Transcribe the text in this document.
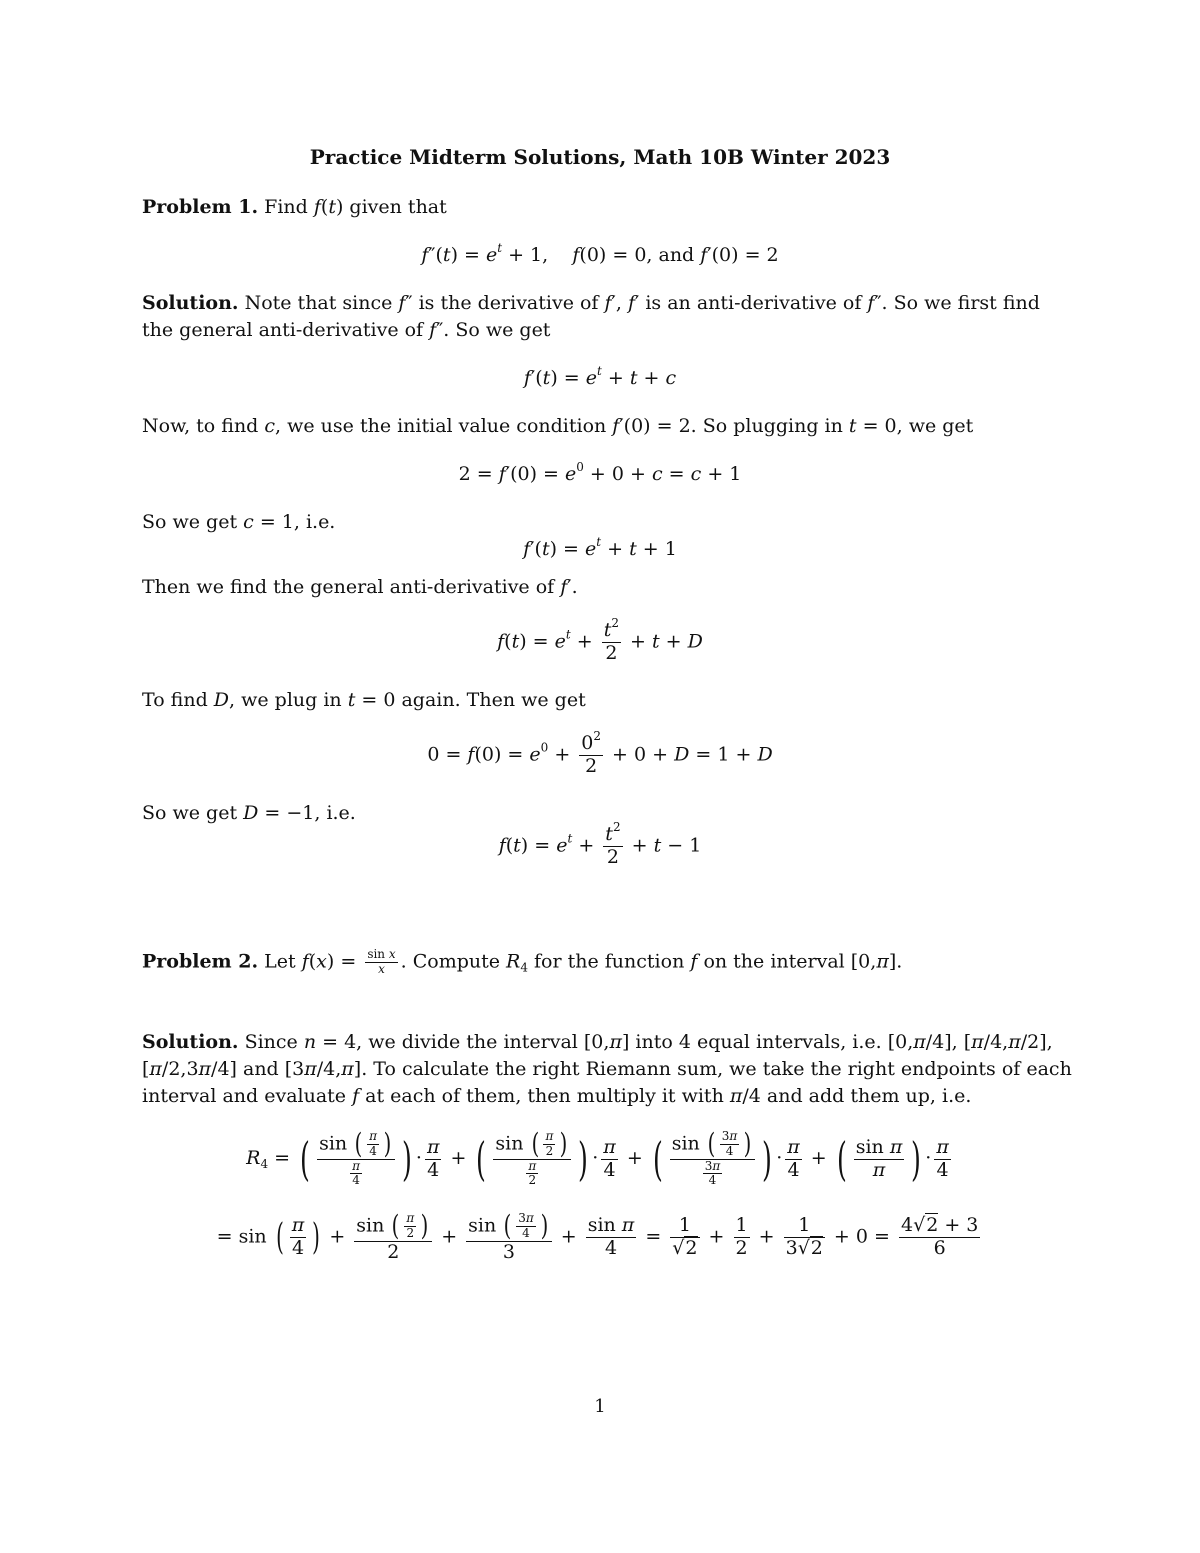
Practice Midterm Solutions, Math 10B Winter 2023
Problem 1. Find f(t) given that
$f''(t) = e^t + 1$,    f(0) = 0, and f′(0) = 2
Solution. Note that since f″ is the derivative of f′, f′ is an anti-derivative of f″. So we first find
the general anti-derivative of f″. So we get
$f'(t) = e^t + t + c$
Now, to find c, we use the initial value condition f′(0) = 2. So plugging in t = 0, we get
$2 = f'(0) = e^0 + 0 + c = c + 1$
So we get c = 1, i.e.
$f'(t) = e^t + t + 1$
Then we find the general anti-derivative of f′.
$f(t) = e^t + \frac{t^2}{2} + t + D$
To find D, we plug in t = 0 again. Then we get
$0 = f(0) = e^0 + \frac{0^2}{2} + 0 + D = 1 + D$
So we get D = −1, i.e.
$f(t) = e^t + \frac{t^2}{2} + t - 1$
Problem 2. Let $f(x) = \frac{\text{sin x}}{x}$ . Compute $R_4$ for the function f on the interval [0,π].
Solution. Since n = 4, we divide the interval [0,π] into 4 equal intervals, i.e. [0,π/4], [π/4,π/2],
[π/2,3π/4] and [3π/4,π]. To calculate the right Riemann sum, we take the right endpoints of each
interval and evaluate f at each of them, then multiply it with π/4 and add them up, i.e.
$R_4$ = ( $\frac{\sin ( \frac{\pi}{4} )}{\frac{\pi}{4}}$ ) · $\frac{\pi}{4}$ + ( $\frac{\sin ( \frac{\pi}{2} )}{\frac{\pi}{2}}$ ) · $\frac{\pi}{4}$ + ( $\frac{\sin ( \frac{3\pi}{4} )}{\frac{3\pi}{4}}$ ) · $\frac{\pi}{4}$ + ( $\frac{\text{sin π}}{\pi}$ ) · $\frac{\pi}{4}$
= sin ( $\frac{\pi}{4}$ ) + $\frac{\sin ( \frac{\pi}{2} )}{2} + \frac{\sin ( \frac{3\pi}{4} )}{3} + \frac{\text{sin π}}{4} = \frac{1}{√2} + \frac{1}{2} + \frac{1}{3√2} + 0 = \frac{4√2 + 3}{6}$
1
